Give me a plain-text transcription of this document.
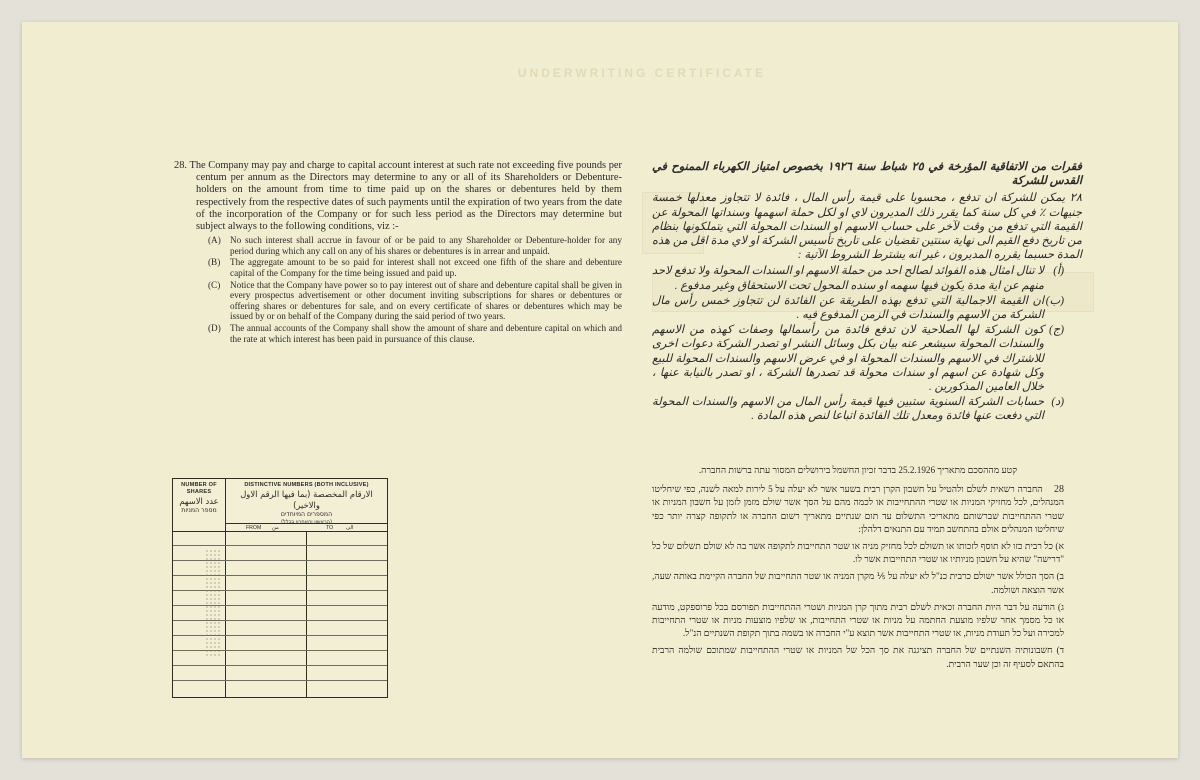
UNDERWRITING CERTIFICATE

28. The Company may pay and charge to capital account interest at such rate not exceeding five pounds per centum per annum as the Directors may determine to any or all of its Shareholders or Debenture-holders on the amount from time to time paid up on the shares or debentures held by them respectively from the respective dates of such payments until the expiration of two years from the date of the incorporation of the Company or for such less period as the Directors may determine but subject always to the following conditions, viz :-

(A)	No such interest shall accrue in favour of or be paid to any Shareholder or Debenture-holder for any period during which any call on any of his shares or debentures is in arrear and unpaid.
(B)	The aggregate amount to be so paid for interest shall not exceed one fifth of the share and debenture capital of the Company for the time being issued and paid up.
(C)	Notice that the Company have power so to pay interest out of share and debenture capital shall be given in every prospectus advertisement or other document inviting subscriptions for shares or debentures or offering shares or debentures for sale, and on every certificate of shares or debentures which may be issued by or on behalf of the Company during the said period of two years.
(D)	The annual accounts of the Company shall show the amount of share and debenture capital on which and the rate at which interest has been paid in pursuance of this clause.
فقرات من الاتفاقية المؤرخة في ٢٥ شباط سنة ١٩٢٦ بخصوص امتياز الكهرباء الممنوح في القدس للشركة

٢٨ يمكن للشركة ان تدفع ، محسوبا على قيمة رأس المال ، فائدة لا تتجاوز معدلها خمسة جنيهات ٪ في كل سنة كما يقرر ذلك المديرون لاي او لكل حملة اسهمها وسنداتها المحولة عن القيمة التي تدفع من وقت لآخر على حساب الاسهم او السندات المحولة التي يتملكونها بنظام من تاريخ دفع القيم الى نهاية سنتين تقضيان على تاريخ تأسيس الشركة او لاي مدة اقل من هذه المدة حسبما يقرره المديرون ، غير انه يشترط الشروط الآتية :

(أ)
لا تنال امثال هذه الفوائد لصالح احد من حملة الاسهم او السندات المحولة ولا تدفع لاحد منهم عن اية مدة يكون فيها سهمه او سنده المحول تحت الاستحقاق وغير مدفوع .
(ب)
ان القيمة الاجمالية التي تدفع بهذه الطريقة عن الفائدة لن تتجاوز خمس رأس مال الشركة من الاسهم والسندات في الزمن المدفوع فيه .
(ج)
كون الشركة لها الصلاحية لان تدفع فائدة من رأسمالها وصفات كهذه من الاسهم والسندات المحولة سيشعر عنه بيان بكل وسائل النشر او تصدر الشركة دعوات اخرى للاشتراك في الاسهم والسندات المحولة او في عرض الاسهم والسندات المحولة للبيع وكل شهادة عن اسهم او سندات محولة قد تصدرها الشركة ، او تصدر بالنيابة عنها ، خلال العامين المذكورين .
(د)
حسابات الشركة السنوية ستبين فيها قيمة رأس المال من الاسهم والسندات المحولة التي دفعت عنها فائدة ومعدل تلك الفائدة اتباعا لنص هذه المادة .
קטע מההסכם מתאריך 25.2.1926 בדבר זכיון החשמל בירושלים המסור עתה ברשות החברה.

28    החברה רשאית לשלם ולהטיל על חשבון הקרן רבית בשער אשר לא יעלה על 5 לירות למאה לשנה, כפי שיחליטו המנהלים, לכל מחזיקי המניות או שטרי ההתחייבות או לכמה מהם על הסך אשר שולם מזמן לזמן על חשבון המניות או שטרי ההתחייבות שברשותם מתאריכי התשלום עד תום שנתיים מתאריך רשום החברה או לתקופה קצרה יותר כפי שיחליטו המנהלים אולם בהתחשב תמיד עם התנאים דלהלן:

א) כל רבית כזו לא תוסף לזכותו או תשולם לכל מחזיק מניה או שטר התחייבות לתקופה אשר בה לא שולם תשלום של כל "דרישה" שהיא על חשבון מניותיו או שטרי התחייבות אשר לו.

ב) הסך הכולל אשר ישולם כרבית כנ"ל לא יעלה על ⅕ מקרן המניה או שטר התחייבות של החברה הקיימת באותה שעה, אשר הוצאה ושולמה.

ג) הודעה על דבר היות החברה זכאית לשלם רבית מתוך קרן המניות ושטרי ההתחייבות תפורסם בכל פרוספקט, מודעה או כל מסמך אחר שלפיו מוצעת החתמה על מניות או שטרי התחייבות, או שלפיו מוצעות מניות או שטרי התחייבות למכירה ועל כל תעודת מניות, או שטרי התחייבות אשר תוצא ע"י החברה או בשמה בתוך תקופת השנתיים הנ"ל.

ד) חשבונותיה השנתיים של החברה תציגנה את סך הכל של המניות או שטרי ההתחייבות שמתוכם שולמה הרבית בהתאם לסעיף זה וכן שער הרבית.

NUMBER OF SHARES
عدد الاسهم
מספר המניות
DISTINCTIVE NUMBERS (BOTH INCLUSIVE)
الارقام المخصصة (بما فيها الرقم الاول والاخير)
המספרים המיוחדים
(הראשון והאחרון בכלל)
FROM من	TO الى
